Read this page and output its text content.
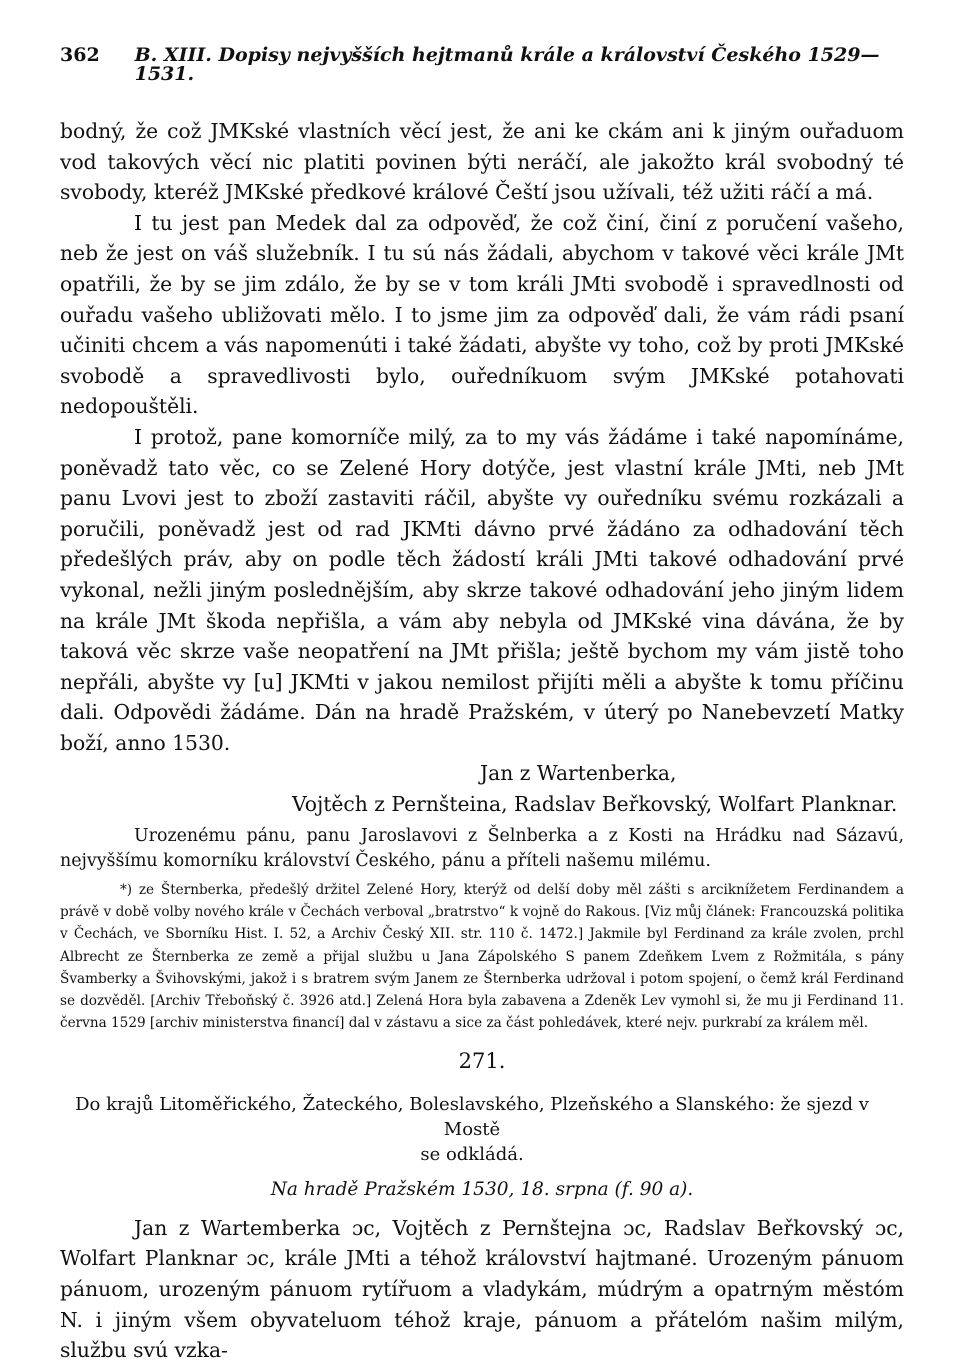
362	B. XIII. Dopisy nejvyšších hejtmanů krále a království Českého 1529—1531.

bodný, že což JMKské vlastních věcí jest, že ani ke ckám ani k jiným ouřaduom vod takových věcí nic platiti povinen býti neráčí, ale jakožto král svobodný té svobody, kteréž JMKské předkové králové Čeští jsou užívali, též užiti ráčí a má.

I tu jest pan Medek dal za odpověď, že což činí, činí z poručení vašeho, neb že jest on váš služebník. I tu sú nás žádali, abychom v takové věci krále JMt opatřili, že by se jim zdálo, že by se v tom králi JMti svobodě i spravedlnosti od ouřadu vašeho ubližovati mělo. I to jsme jim za odpověď dali, že vám rádi psaní učiniti chcem a vás napomenúti i také žádati, abyšte vy toho, což by proti JMKské svobodě a spravedlivosti bylo, ouředníkuom svým JMKské potahovati nedopouštěli.

I protož, pane komorníče milý, za to my vás žádáme i také napomínáme, poněvadž tato věc, co se Zelené Hory dotýče, jest vlastní krále JMti, neb JMt panu Lvovi jest to zboží zastaviti ráčil, abyšte vy ouředníku svému rozkázali a poručili, poněvadž jest od rad JKMti dávno prvé žádáno za odhadování těch předešlých práv, aby on podle těch žádostí králi JMti takové odhadování prvé vykonal, nežli jiným poslednějším, aby skrze takové odhadování jeho jiným lidem na krále JMt škoda nepřišla, a vám aby nebyla od JMKské vina dávána, že by taková věc skrze vaše neopatření na JMt přišla; ještě bychom my vám jistě toho nepřáli, abyšte vy [u] JKMti v jakou nemilost přijíti měli a abyšte k tomu příčinu dali. Odpovědi žádáme. Dán na hradě Pražském, v úterý po Nanebevzetí Matky boží, anno 1530.

Jan z Wartenberka,

Vojtěch z Pernšteina, Radslav Beřkovský, Wolfart Planknar.

Urozenému pánu, panu Jaroslavovi z Šelnberka a z Kosti na Hrádku nad Sázavú, nejvyššímu komorníku království Českého, pánu a příteli našemu milému.

*) ze Šternberka, předešlý držitel Zelené Hory, kterýž od delší doby měl zášti s arciknížetem Ferdinandem a právě v době volby nového krále v Čechách verboval „bratrstvo“ k vojně do Rakous. [Viz můj článek: Francouzská politika v Čechách, ve Sborníku Hist. I. 52, a Archiv Český XII. str. 110 č. 1472.] Jakmile byl Ferdinand za krále zvolen, prchl Albrecht ze Šternberka ze země a přijal službu u Jana Zápolského S panem Zdeňkem Lvem z Rožmitála, s pány Švamberky a Švihovskými, jakož i s bratrem svým Janem ze Šternberka udržoval i potom spojení, o čemž král Ferdinand se dozvěděl. [Archiv Třeboňský č. 3926 atd.] Zelená Hora byla zabavena a Zdeněk Lev vymohl si, že mu ji Ferdinand 11. června 1529 [archiv ministerstva financí] dal v zástavu a sice za část pohledávek, které nejv. purkrabí za králem měl.

271.
Do krajů Litoměřického, Žateckého, Boleslavského, Plzeňského a Slanského: že sjezd v Mostě
se odkládá.
Na hradě Pražském 1530, 18. srpna (f. 90 a).

Jan z Wartemberka ɔc, Vojtěch z Pernštejna ɔc, Radslav Beřkovský ɔc, Wolfart Planknar ɔc, krále JMti a téhož království hajtmané. Urozeným pánuom pánuom, urozeným pánuom rytířuom a vladykám, múdrým a opatrným městóm N. i jiným všem obyvateluom téhož kraje, pánuom a přátelóm našim milým, službu svú vzka-
